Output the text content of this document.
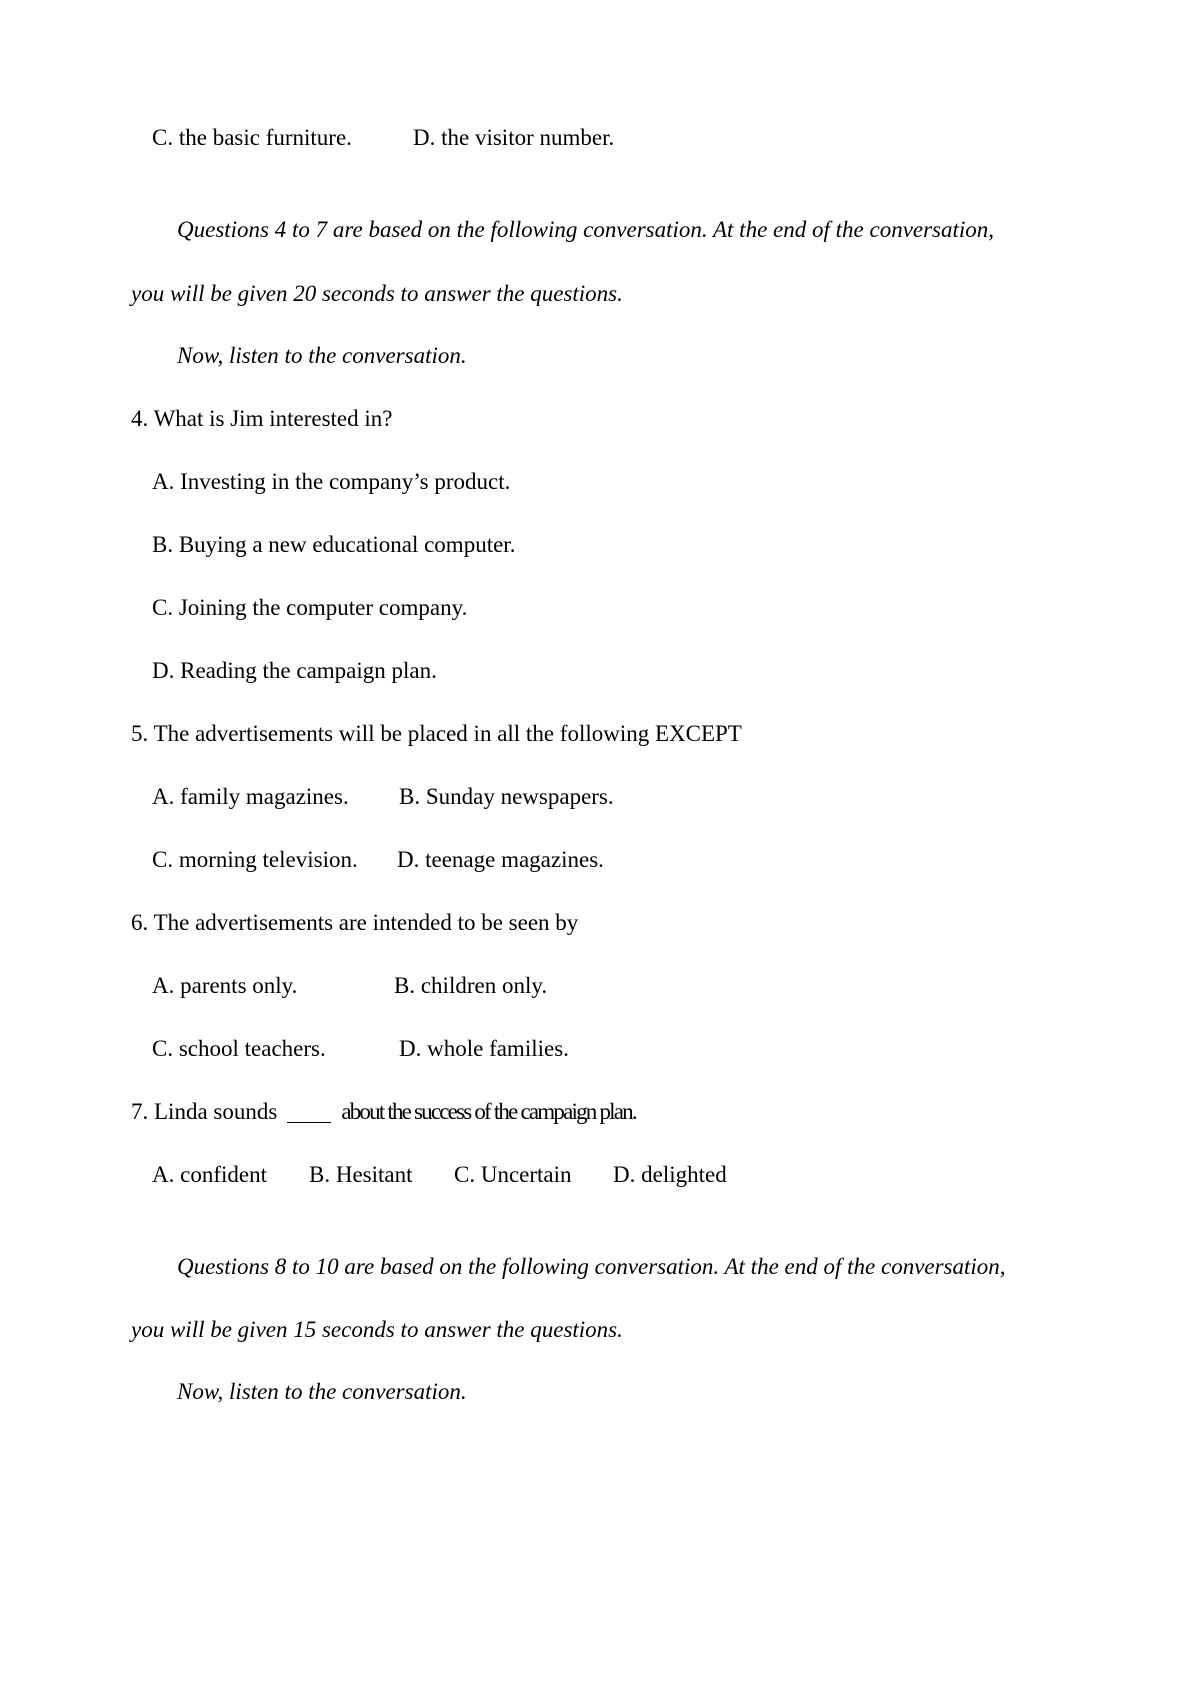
C. the basic furniture.	D. the visitor number.
Questions 4 to 7 are based on the following conversation. At the end of the conversation,
you will be given 20 seconds to answer the questions.
Now, listen to the conversation.
4. What is Jim interested in?
A. Investing in the company’s product.
B. Buying a new educational computer.
C. Joining the computer company.
D. Reading the campaign plan.
5. The advertisements will be placed in all the following EXCEPT
A. family magazines. B. Sunday newspapers.
C. morning television. D. teenage magazines.
6. The advertisements are intended to be seen by
A. parents only.	B. children only.
C. school teachers.	D. whole families.
7. Linda sounds	about the success of the campaign plan.
A. confident B. Hesitant C. Uncertain D. delighted
Questions 8 to 10 are based on the following conversation. At the end of the conversation,
you will be given 15 seconds to answer the questions.
Now, listen to the conversation.
